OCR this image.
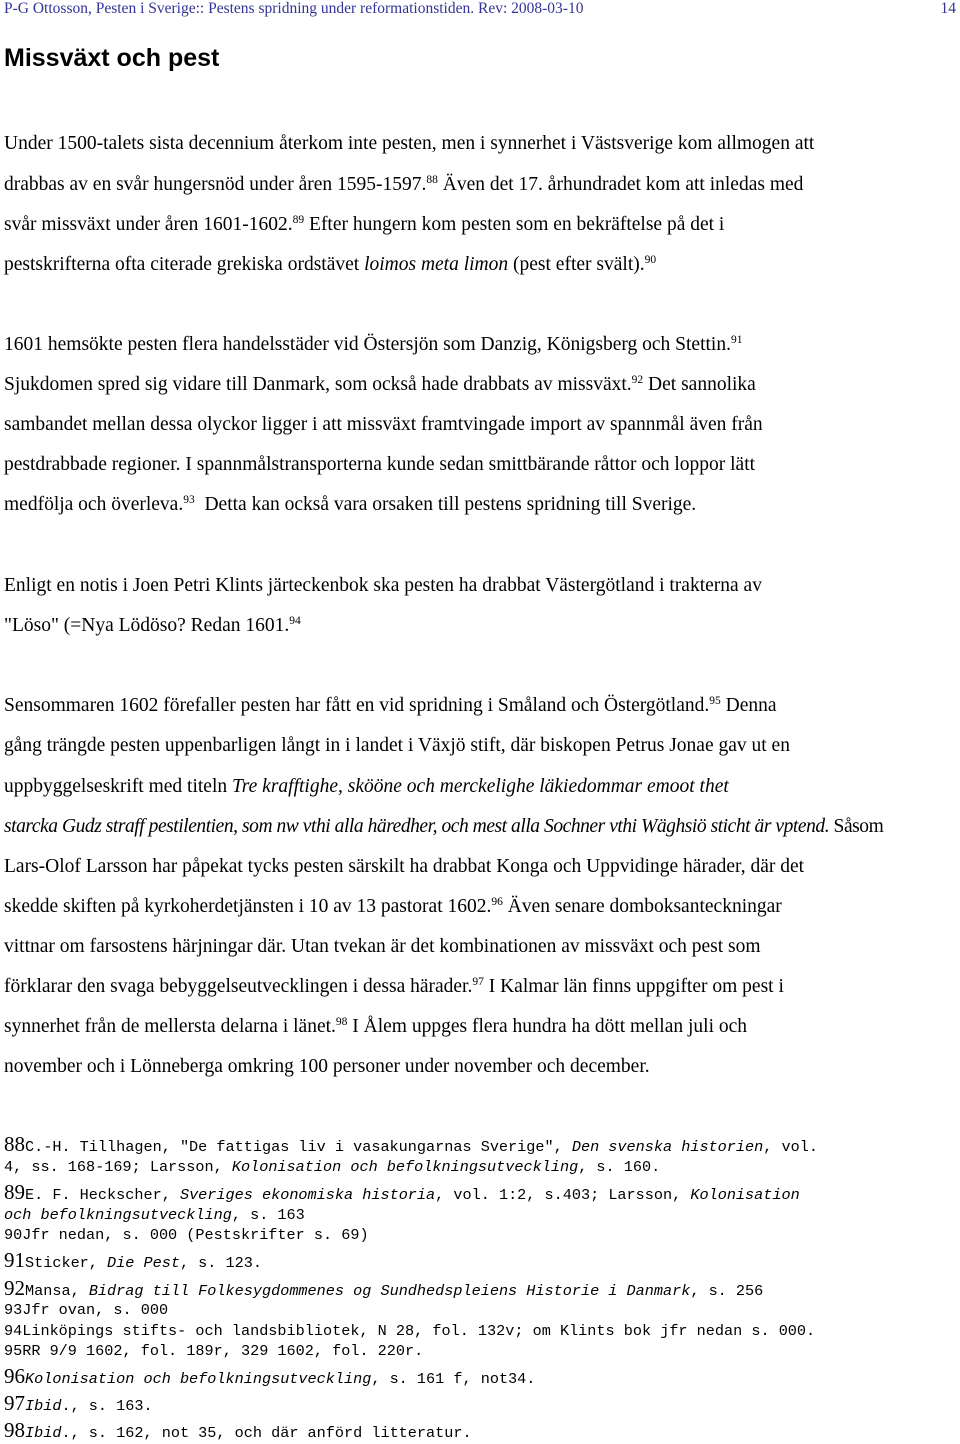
P-G Ottosson, Pesten i Sverige:: Pestens spridning under reformationstiden. Rev: 2008-03-10	14
Missväxt och pest
Under 1500-talets sista decennium återkom inte pesten, men i synnerhet i Västsverige kom allmogen att
drabbas av en svår hungersnöd under åren 1595-1597.88 Även det 17. århundradet kom att inledas med
svår missväxt under åren 1601-1602.89 Efter hungern kom pesten som en bekräftelse på det i
pestskrifterna ofta citerade grekiska ordstävet loimos meta limon (pest efter svält).$^{90}$
1601 hemsökte pesten flera handelsstäder vid Östersjön som Danzig, Königsberg och Stettin.$^{91}$
Sjukdomen spred sig vidare till Danmark, som också hade drabbats av missväxt.$^{92}$ Det sannolika
sambandet mellan dessa olyckor ligger i att missväxt framtvingade import av spannmål även från
pestdrabbade regioner. I spannmålstransporterna kunde sedan smittbärande råttor och loppor lätt
medfölja och överleva.$^{93}$  Detta kan också vara orsaken till pestens spridning till Sverige.
Enligt en notis i Joen Petri Klints järteckenbok ska pesten ha drabbat Västergötland i trakterna av
"Löso" (=Nya Lödöso? Redan 1601.94
Sensommaren 1602 förefaller pesten har fått en vid spridning i Småland och Östergötland.$^{95}$ Denna
gång trängde pesten uppenbarligen långt in i landet i Växjö stift, där biskopen Petrus Jonae gav ut en
uppbyggelseskrift med titeln Tre krafftighe, skööne och merckelighe läkiedommar emoot thet
starcka Gudz straff pestilentien, som nw vthi alla häredher, och mest alla Sochner vthi Wäghsiö sticht är vptend. Såsom
Lars-Olof Larsson har påpekat tycks pesten särskilt ha drabbat Konga och Uppvidinge härader, där det
skedde skiften på kyrkoherdetjänsten i 10 av 13 pastorat 1602.96 Även senare domboksanteckningar
vittnar om farsostens härjningar där. Utan tvekan är det kombinationen av missväxt och pest som
förklarar den svaga bebyggelseutvecklingen i dessa härader.$^{97}$ I Kalmar län finns uppgifter om pest i
synnerhet från de mellersta delarna i länet.$^{98}$ I Ålem uppges flera hundra ha dött mellan juli och
november och i Lönneberga omkring 100 personer under november och december.
88C.-H. Tillhagen, "De fattigas liv i vasakungarnas Sverige", Den svenska historien, vol.
4, ss. 168-169; Larsson, Kolonisation och befolkningsutveckling, s. 160.
89E. F. Heckscher, Sveriges ekonomiska historia, vol. 1:2, s.403; Larsson, Kolonisation
och befolkningsutveckling, s. 163
90Jfr nedan, s. 000 (Pestskrifter s. 69)
91Sticker, Die Pest, s. 123.
92Mansa, Bidrag till Folkesygdommenes og Sundhedspleiens Historie i Danmark, s. 256
93Jfr ovan, s. 000
94Linköpings stifts- och landsbibliotek, N 28, fol. 132v; om Klints bok jfr nedan s. 000.
95RR 9/9 1602, fol. 189r, 329 1602, fol. 220r.
96Kolonisation och befolkningsutveckling, s. 161 f, not34.
97Ibid., s. 163.
98Ibid., s. 162, not 35, och där anförd litteratur.
